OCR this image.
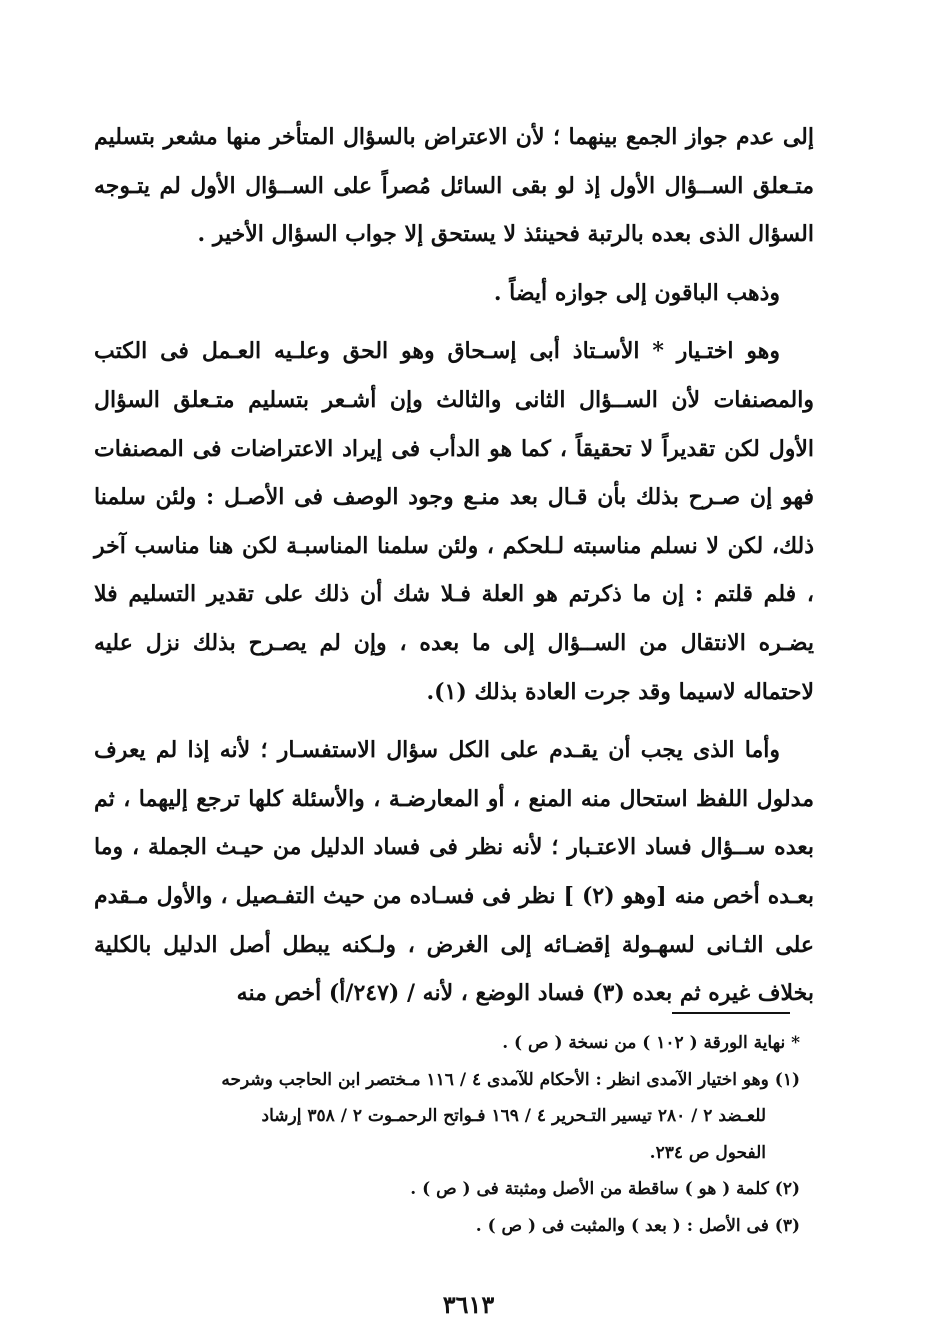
إلى عدم جواز الجمع بينهما ؛ لأن الاعتراض بالسؤال المتأخر منها مشعر بتسليم متـعلق الســؤال الأول إذ لو بقى السائل مُصراً على الســؤال الأول لم يتـوجه السؤال الذى بعده بالرتبة فحينئذ لا يستحق إلا جواب السؤال الأخير .

وذهب الباقون إلى جوازه أيضاً .

وهو اختـيار * الأسـتاذ أبى إسـحاق وهو الحق وعلـيه العـمل فى الكتب والمصنفات لأن الســؤال الثانى والثالث وإن أشـعر بتسليم متـعلق السؤال الأول لكن تقديراً لا تحقيقاً ، كما هو الدأب فى إيراد الاعتراضات فى المصنفات فهو إن صـرح بذلك بأن قـال بعد منـع وجود الوصف فى الأصـل : ولئن سلمنا ذلك، لكن لا نسلم مناسبته لـلحكم ، ولئن سلمنا المناسبـة لكن هنا مناسب آخر ، فلم قلتم : إن ما ذكرتم هو العلة فـلا شك أن ذلك على تقدير التسليم فلا يضـره الانتقال من الســؤال إلى ما بعده ، وإن لم يصـرح بذلك نزل عليه لاحتماله لاسيما وقد جرت العادة بذلك (١).

وأما الذى يجب أن يقـدم على الكل سؤال الاستفسـار ؛ لأنه إذا لم يعرف مدلول اللفظ استحال منه المنع ، أو المعارضـة ، والأسئلة كلها ترجع إليهما ، ثم بعده ســؤال فساد الاعتـبار ؛ لأنه نظر فى فساد الدليل من حيـث الجملة ، وما بعـده أخص منه [وهو (٢) ] نظر فى فسـاده من حيث التفـصيل ، والأول مـقدم على الثـانى لسهـولة إقضـائه إلى الغرض ، ولـكنه يبطل أصل الدليل بالكلية بخلاف غيره ثم بعده (٣) فساد الوضع ، لأنه / (٢٤٧/أ) أخص منه

* نهاية الورقة ( ١٠٢ ) من نسخة ( ص ) .

(١) وهو اختيار الآمدى انظر : الأحكام للآمدى ٤ / ١١٦ مـختصر ابن الحاجب وشرحه

للعـضد ٢ / ٢٨٠ تيسير التـحرير ٤ / ١٦٩ فـواتح الرحمـوت ٢ / ٣٥٨ إرشاد

الفحول ص ٢٣٤.

(٢) كلمة ( هو ) ساقطة من الأصل ومثبتة فى ( ص ) .

(٣) فى الأصل : ( بعد ) والمثبت فى ( ص ) .

٣٦١٣
